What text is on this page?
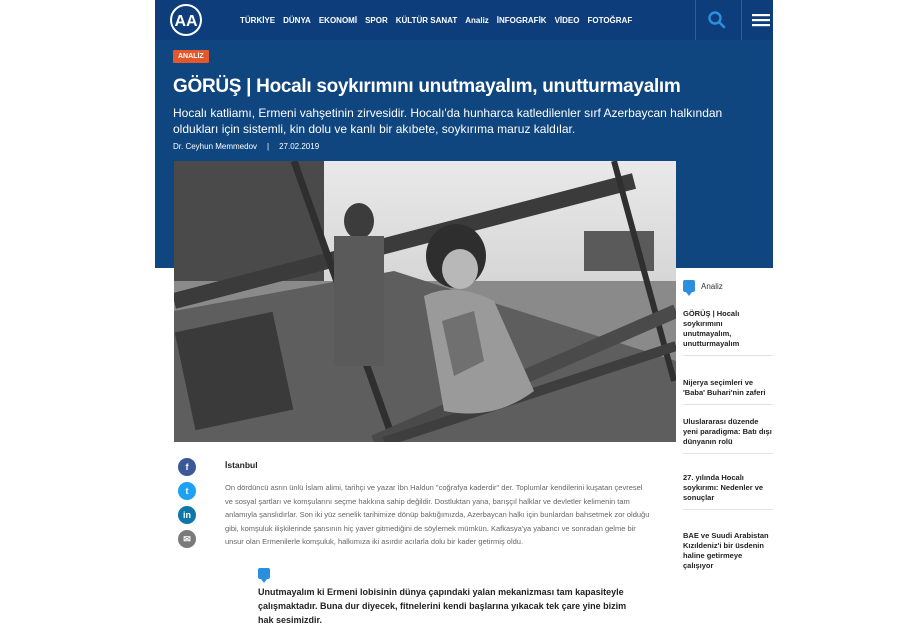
AA	TÜRKİYE DÜNYA EKONOMİ SPOR KÜLTÜR SANAT Analiz İNFOGRAFİK VİDEO FOTOĞRAF
ANALİZ
GÖRÜŞ | Hocalı soykırımını unutmayalım, unutturmayalım

Hocalı katliamı, Ermeni vahşetinin zirvesidir. Hocalı'da hunharca katledilenler sırf Azerbaycan halkından oldukları için sistemli, kin dolu ve kanlı bir akıbete, soykırıma maruz kaldılar.

Dr. Ceyhun Memmedov | 27.02.2019
Analiz
GÖRÜŞ | Hocalı soykırımını unutmayalım, unutturmayalım
Nijerya seçimleri ve 'Baba' Buhari'nin zaferi
Uluslararası düzende yeni paradigma: Batı dışı dünyanın rolü
27. yılında Hocalı soykırımı: Nedenler ve sonuçlar
BAE ve Suudi Arabistan Kızıldeniz'i bir üsdenin haline getirmeye çalışıyor
f
t
in
✉
İstanbul

On dördüncü asrın ünlü İslam alimi, tarihçi ve yazar İbn Haldun "coğrafya kaderdir" der. Toplumlar kendilerini kuşatan çevresel ve sosyal şartları ve komşularını seçme hakkına sahip değildir. Dostluktan yana, barışçıl halklar ve devletler kelimenin tam anlamıyla şanslıdırlar. Son iki yüz senelik tarihimize dönüp baktığımızda, Azerbaycan halkı için bunlardan bahsetmek zor olduğu gibi, komşuluk ilişkilerinde şansının hiç yaver gitmediğini de söylemek mümkün. Kafkasya'ya yabancı ve sonradan gelme bir unsur olan Ermenilerle komşuluk, halkımıza iki asırdır acılarla dolu bir kader getirmiş oldu.

Unutmayalım ki Ermeni lobisinin dünya çapındaki yalan mekanizması tam kapasiteyle çalışmaktadır. Buna dur diyecek, fitnelerini kendi başlarına yıkacak tek çare yine bizim hak sesimizdir.
